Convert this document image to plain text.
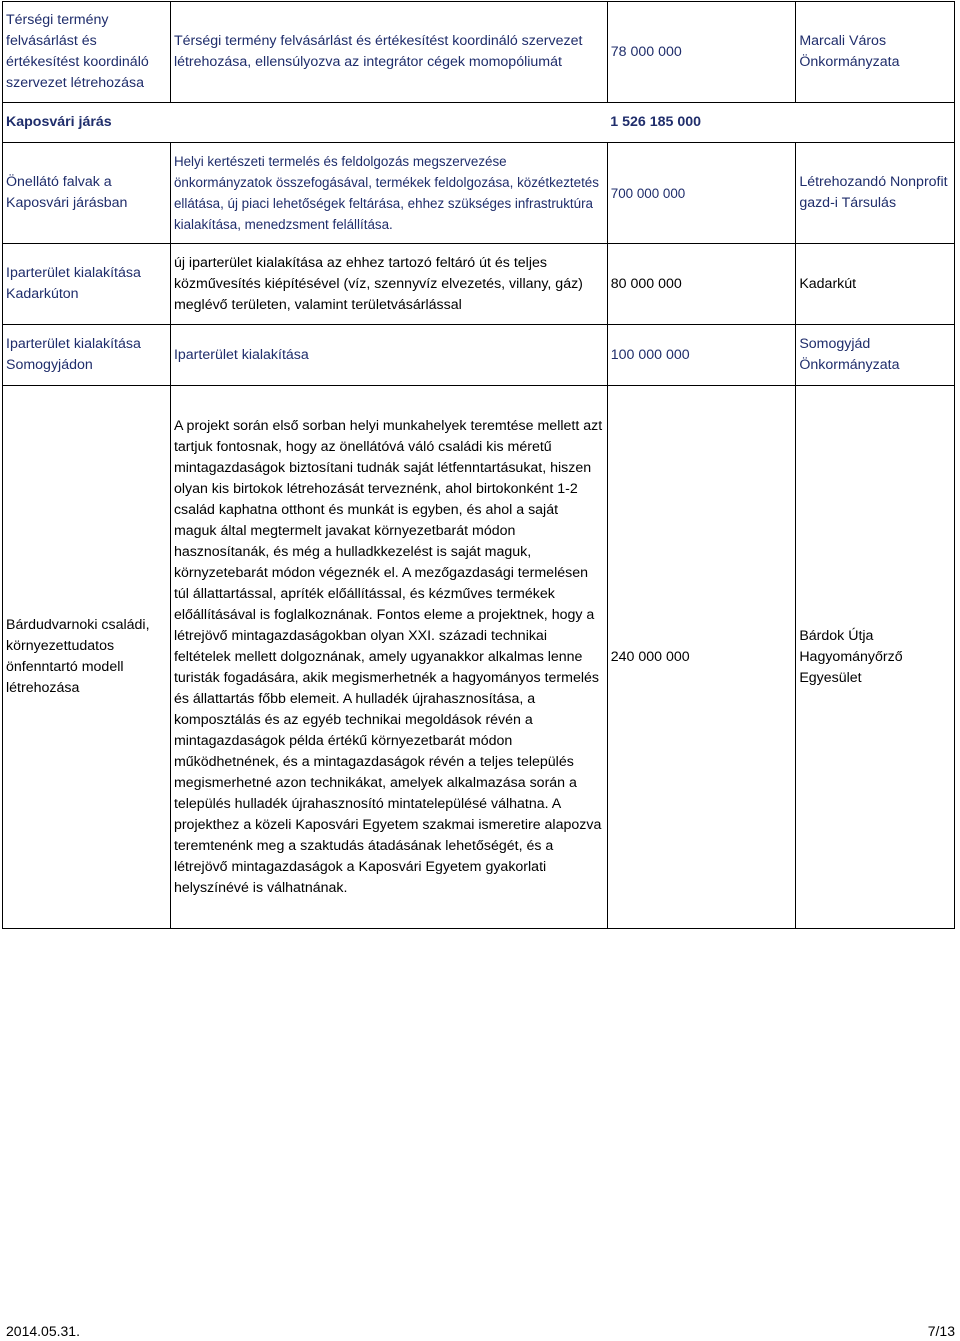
Térségi termény felvásárlást és értékesítést koordináló szervezet létrehozása	Térségi termény felvásárlást és értékesítést koordináló szervezet létrehozása, ellensúlyozva az integrátor cégek momopóliumát	78 000 000	Marcali Város Önkormányzata
Kaposvári járás		1 526 185 000	
Önellátó falvak a Kaposvári járásban	Helyi kertészeti termelés és feldolgozás megszervezése önkormányzatok összefogásával, termékek feldolgozása, közétkeztetés ellátása, új piaci lehetőségek feltárása, ehhez szükséges infrastruktúra kialakítása, menedzsment felállítása.	700 000 000	Létrehozandó Nonprofit gazd-i Társulás
Iparterület kialakítása Kadarkúton	új iparterület kialakítása az ehhez tartozó feltáró út és teljes közművesítés kiépítésével (víz, szennyvíz elvezetés, villany, gáz) meglévő területen, valamint területvásárlással	80 000 000	Kadarkút
Iparterület kialakítása Somogyjádon	Iparterület kialakítása	100 000 000	Somogyjád Önkormányzata
Bárdudvarnoki családi, környezettudatos önfenntartó modell létrehozása	A projekt során első sorban helyi munkahelyek teremtése mellett azt tartjuk fontosnak, hogy az önellátóvá váló családi kis méretű mintagazdaságok biztosítani tudnák saját létfenntartásukat, hiszen olyan kis birtokok létrehozását terveznénk, ahol birtokonként 1-2 család kaphatna otthont és munkát is egyben, és ahol a saját maguk által megtermelt javakat környezetbarát módon hasznosítanák, és még a hulladkkezelést is saját maguk, környzetebarát módon végeznék el. A mezőgazdasági termelésen túl állattartással, apríték előállítással, és kézműves termékek előállításával is foglalkoznának. Fontos eleme a projektnek, hogy a létrejövő mintagazdaságokban olyan XXI. századi technikai feltételek mellett dolgoznának, amely ugyanakkor alkalmas lenne turisták fogadására, akik megismerhetnék a hagyományos termelés és állattartás főbb elemeit. A hulladék újrahasznosítása, a komposztálás és az egyéb technikai megoldások révén a mintagazdaságok példa értékű környezetbarát módon működhetnének, és a mintagazdaságok révén a teljes település megismerhetné azon technikákat, amelyek alkalmazása során a település hulladék újrahasznosító mintatelepülésé válhatna. A projekthez a közeli Kaposvári Egyetem szakmai ismeretire alapozva teremtenénk meg a szaktudás átadásának lehetőségét, és a létrejövő mintagazdaságok a Kaposvári Egyetem gyakorlati helyszínévé is válhatnának.	240 000 000	Bárdok Útja Hagyományőrző Egyesület
2014.05.31.	7/13
